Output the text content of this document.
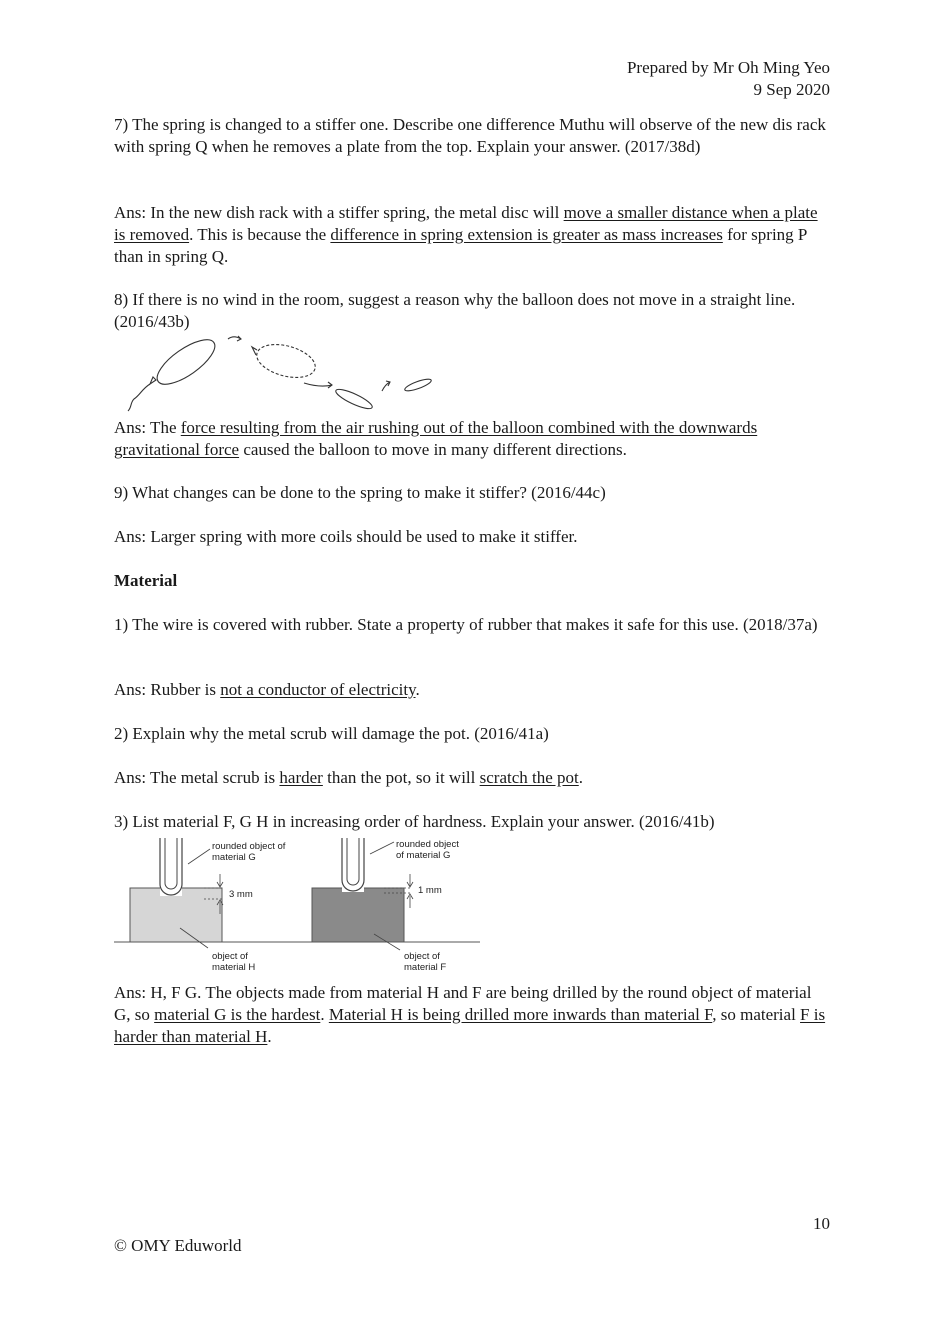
Prepared by Mr Oh Ming Yeo
9 Sep 2020

7) The spring is changed to a stiffer one. Describe one difference Muthu will observe of the new dis rack with spring Q when he removes a plate from the top. Explain your answer. (2017/38d)

Ans: In the new dish rack with a stiffer spring, the metal disc will move a smaller distance when a plate is removed. This is because the difference in spring extension is greater as mass increases for spring P than in spring Q.

8) If there is no wind in the room, suggest a reason why the balloon does not move in a straight line. (2016/43b)

Ans: The force resulting from the air rushing out of the balloon combined with the downwards gravitational force caused the balloon to move in many different directions.

9) What changes can be done to the spring to make it stiffer? (2016/44c)

Ans: Larger spring with more coils should be used to make it stiffer.

Material

1) The wire is covered with rubber. State a property of rubber that makes it safe for this use. (2018/37a)

Ans: Rubber is not a conductor of electricity.

2) Explain why the metal scrub will damage the pot. (2016/41a)

Ans: The metal scrub is harder than the pot, so it will scratch the pot.

3) List material F, G H in increasing order of hardness. Explain your answer. (2016/41b)

rounded object of
material G
3 mm
object of
material H
rounded object
of material G
1 mm
object of
material F

Ans: H, F G. The objects made from material H and F are being drilled by the round object of material G, so material G is the hardest. Material H is being drilled more inwards than material F, so material F is harder than material H.

10
© OMY Eduworld
